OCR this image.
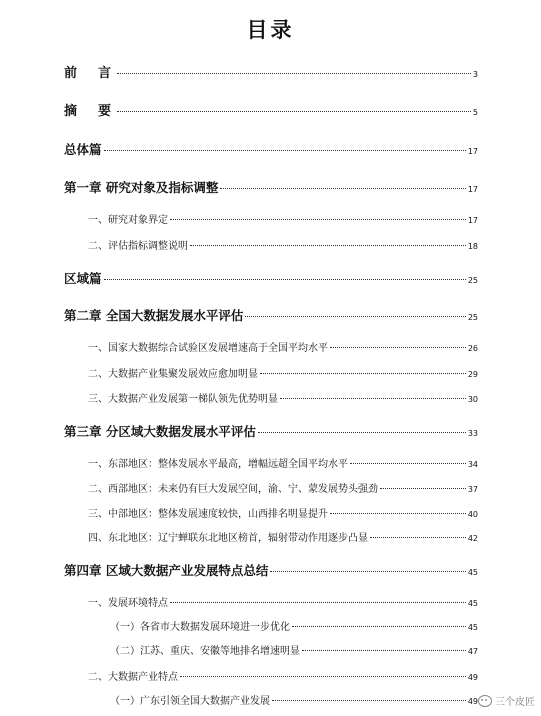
目录
前　言	3
摘　要	5
总体篇	17
第一章 研究对象及指标调整	17
一、研究对象界定	17
二、评估指标调整说明	18
区域篇	25
第二章 全国大数据发展水平评估	25
一、国家大数据综合试验区发展增速高于全国平均水平	26
二、大数据产业集聚发展效应愈加明显	29
三、大数据产业发展第一梯队领先优势明显	30
第三章 分区域大数据发展水平评估	33
一、东部地区：整体发展水平最高，增幅远超全国平均水平	34
二、西部地区：未来仍有巨大发展空间，渝、宁、蒙发展势头强劲	37
三、中部地区：整体发展速度较快，山西排名明显提升	40
四、东北地区：辽宁蝉联东北地区榜首，辐射带动作用逐步凸显	42
第四章 区域大数据产业发展特点总结	45
一、发展环境特点	45
（一）各省市大数据发展环境进一步优化	45
（二）江苏、重庆、安徽等地排名增速明显	47
二、大数据产业特点	49
（一）广东引领全国大数据产业发展	49 三个皮匠
